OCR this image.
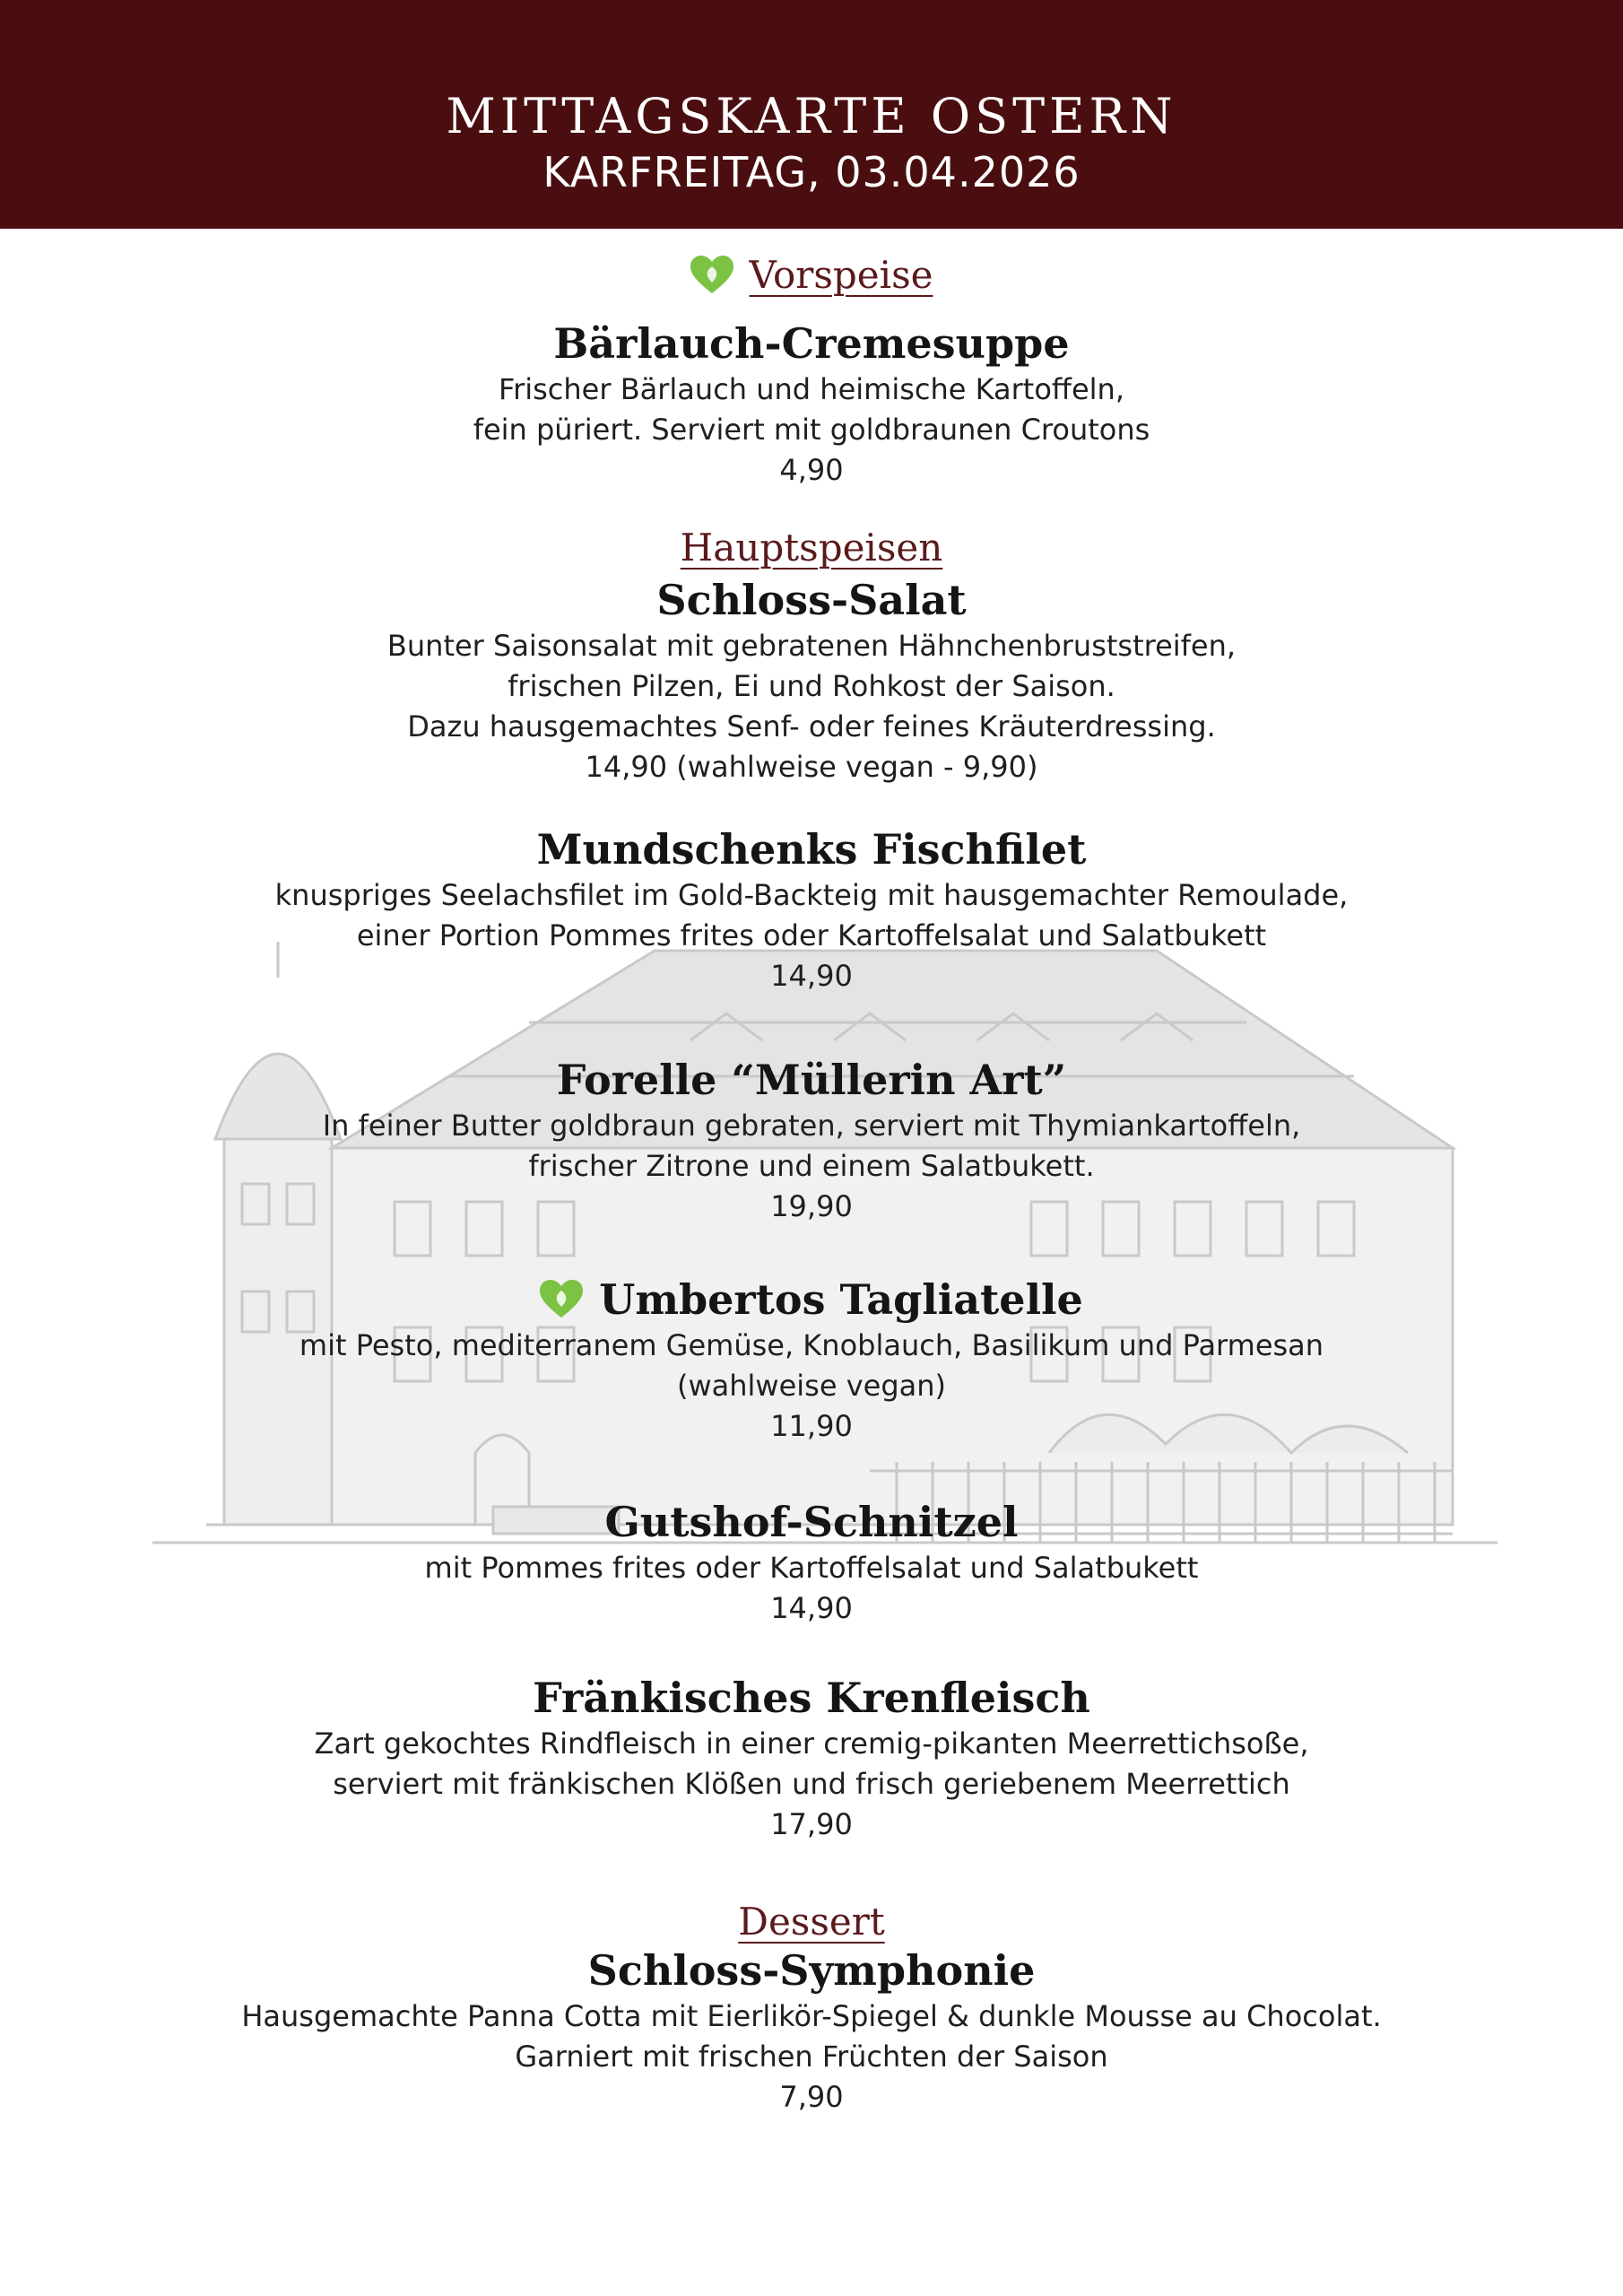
MITTAGSKARTE OSTERN
KARFREITAG, 03.04.2026
Vorspeise
Bärlauch-Cremesuppe
Frischer Bärlauch und heimische Kartoffeln,
fein püriert. Serviert mit goldbraunen Croutons
4,90
Hauptspeisen
Schloss-Salat
Bunter Saisonsalat mit gebratenen Hähnchenbruststreifen,
frischen Pilzen, Ei und Rohkost der Saison.
Dazu hausgemachtes Senf- oder feines Kräuterdressing.
14,90 (wahlweise vegan - 9,90)
Mundschenks Fischfilet
knuspriges Seelachsfilet im Gold-Backteig mit hausgemachter Remoulade,
einer Portion Pommes frites oder Kartoffelsalat und Salatbukett
14,90
Forelle “Müllerin Art”
In feiner Butter goldbraun gebraten, serviert mit Thymiankartoffeln,
frischer Zitrone und einem Salatbukett.
19,90
Umbertos Tagliatelle
mit Pesto, mediterranem Gemüse, Knoblauch, Basilikum und Parmesan
(wahlweise vegan)
11,90
Gutshof-Schnitzel
mit Pommes frites oder Kartoffelsalat und Salatbukett
14,90
Fränkisches Krenfleisch
Zart gekochtes Rindfleisch in einer cremig-pikanten Meerrettichsoße,
serviert mit fränkischen Klößen und frisch geriebenem Meerrettich
17,90
Dessert
Schloss-Symphonie
Hausgemachte Panna Cotta mit Eierlikör-Spiegel & dunkle Mousse au Chocolat.
Garniert mit frischen Früchten der Saison
7,90
